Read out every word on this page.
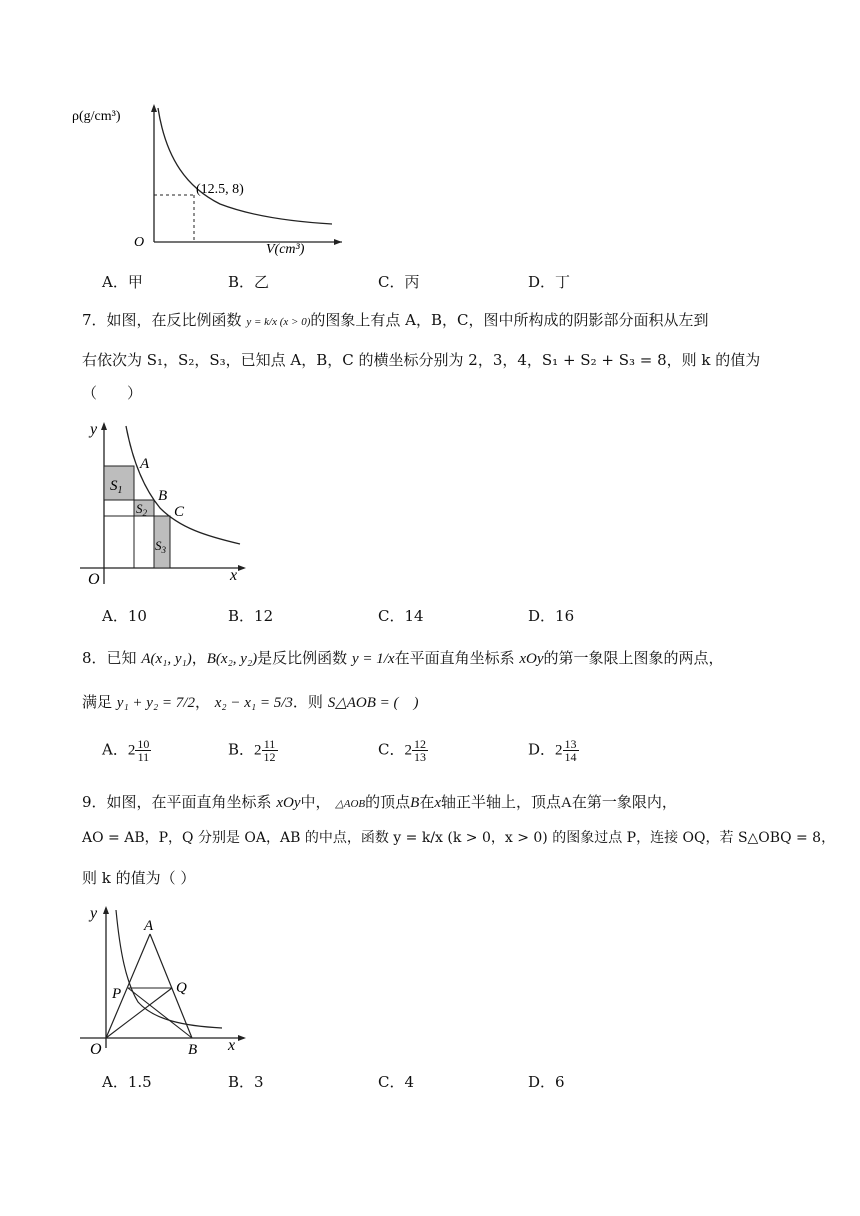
ρ(g/cm³)
V(cm³)
O
(12.5, 8)
A．甲	B．乙	C．丙	D．丁
7．如图，在反比例函数 y = k/x (x > 0)的图象上有点 A，B，C，图中所构成的阴影部分面积从左到
右依次为 S₁，S₂，S₃，已知点 A，B，C 的横坐标分别为 2，3，4，S₁ + S₂ + S₃ = 8，则 k 的值为
（　　）
y
x
O
A
B
C
$S_1$
$S_2$
$S_3$
A．10	B．12	C．14	D．16
8．已知 A(x₁, y₁)，B(x₂, y₂)是反比例函数 y = 1/x在平面直角坐标系 xOy的第一象限上图象的两点，
满足 y₁ + y₂ = 7/2， x₂ − x₁ = 5/3．则 S△AOB = (　)
A．$2 \frac{10}{11}$	B．$2 \frac{11}{12}$	C．$2 \frac{12}{13}$	D．$2 \frac{13}{14}$
9．如图，在平面直角坐标系 xOy中， △AOB的顶点B在x轴正半轴上，顶点A在第一象限内，
AO = AB，P，Q 分别是 OA，AB 的中点，函数 y = k/x (k > 0，x > 0) 的图象过点 P，连接 OQ，若 S△OBQ = 8，
则 k 的值为（ ）
y
x
O
A
B
P	Q
A．1.5	B．3	C．4	D．6
